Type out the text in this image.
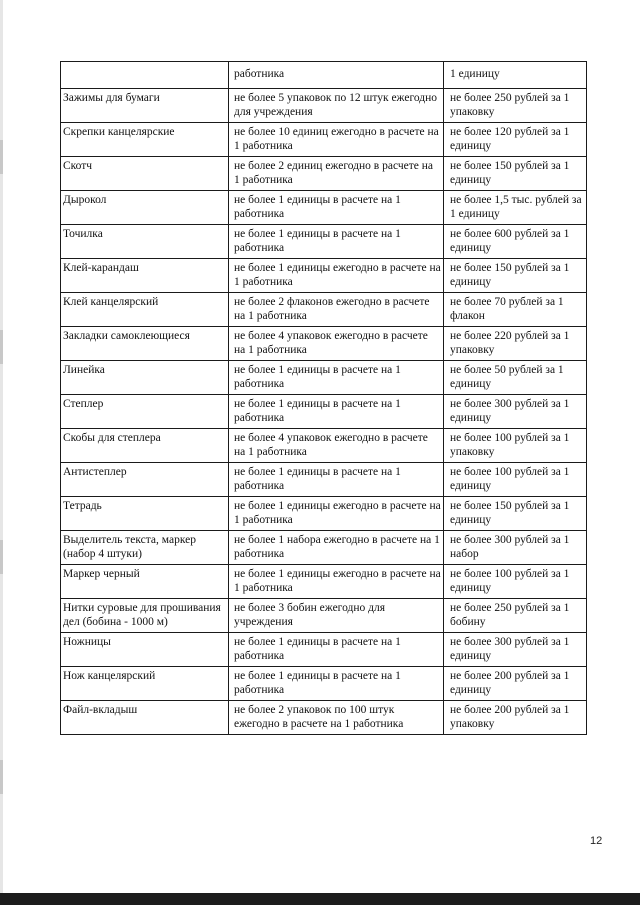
	работника	1 единицу
Зажимы для бумаги	не более 5 упаковок по 12 штук ежегодно для учреждения	не более 250 рублей за 1 упаковку
Скрепки канцелярские	не более 10 единиц ежегодно в расчете на 1 работника	не более 120 рублей за 1 единицу
Скотч	не более 2 единиц ежегодно в расчете на 1 работника	не более 150 рублей за 1 единицу
Дырокол	не более 1 единицы в расчете на 1 работника	не более 1,5 тыс. рублей за 1 единицу
Точилка	не более 1 единицы в расчете на 1 работника	не более 600 рублей за 1 единицу
Клей-карандаш	не более 1 единицы ежегодно в расчете на 1 работника	не более 150 рублей за 1 единицу
Клей канцелярский	не более 2 флаконов ежегодно в расчете на 1 работника	не более 70 рублей за 1 флакон
Закладки самоклеющиеся	не более 4 упаковок ежегодно в расчете на 1 работника	не более 220 рублей за 1 упаковку
Линейка	не более 1 единицы в расчете на 1 работника	не более 50 рублей за 1 единицу
Степлер	не более 1 единицы в расчете на 1 работника	не более 300 рублей за 1 единицу
Скобы для степлера	не более 4 упаковок ежегодно в расчете на 1 работника	не более 100 рублей за 1 упаковку
Антистеплер	не более 1 единицы в расчете на 1 работника	не более 100 рублей за 1 единицу
Тетрадь	не более 1 единицы ежегодно в расчете на 1 работника	не более 150 рублей за 1 единицу
Выделитель текста, маркер (набор 4 штуки)	не более 1 набора ежегодно в расчете на 1 работника	не более 300 рублей за 1 набор
Маркер черный	не более 1 единицы ежегодно в расчете на 1 работника	не более 100 рублей за 1 единицу
Нитки суровые для прошивания дел (бобина - 1000 м)	не более 3 бобин ежегодно для учреждения	не более 250 рублей за 1 бобину
Ножницы	не более 1 единицы в расчете на 1 работника	не более 300 рублей за 1 единицу
Нож канцелярский	не более 1 единицы в расчете на 1 работника	не более 200 рублей за 1 единицу
Файл-вкладыш	не более 2 упаковок по 100 штук ежегодно в расчете на 1 работника	не более 200 рублей за 1 упаковку
12
